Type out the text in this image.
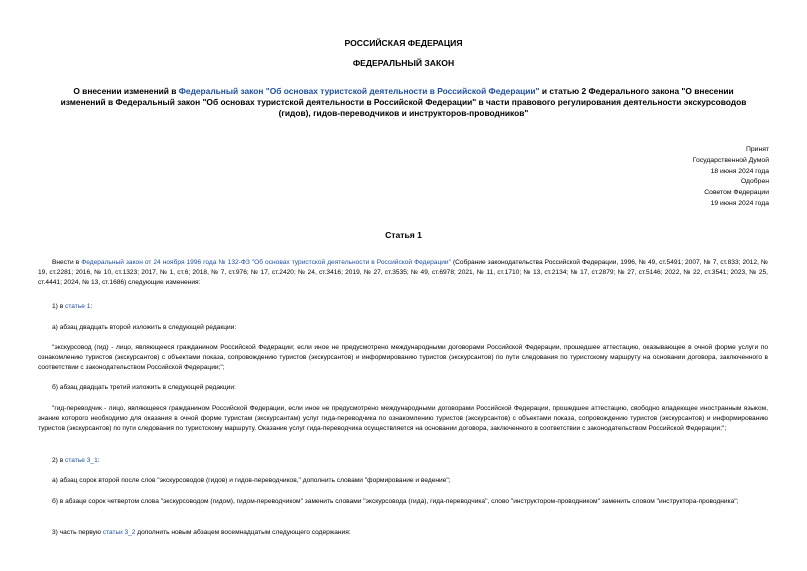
РОССИЙСКАЯ ФЕДЕРАЦИЯ
ФЕДЕРАЛЬНЫЙ ЗАКОН
О внесении изменений в Федеральный закон "Об основах туристской деятельности в Российской Федерации" и статью 2 Федерального закона "О внесении изменений в Федеральный закон "Об основах туристской деятельности в Российской Федерации" в части правового регулирования деятельности экскурсоводов (гидов), гидов-переводчиков и инструкторов-проводников"
Принят
Государственной Думой
18 июня 2024 года
Одобрен
Советом Федерации
19 июня 2024 года
Статья 1
Внести в Федеральный закон от 24 ноября 1996 года № 132-ФЗ "Об основах туристской деятельности в Российской Федерации" (Собрание законодательства Российской Федерации, 1996, № 49, ст.5491; 2007, № 7, ст.833; 2012, № 19, ст.2281; 2016, № 10, ст.1323; 2017, № 1, ст.6; 2018, № 7, ст.976; № 17, ст.2420; № 24, ст.3416; 2019, № 27, ст.3535; № 49, ст.6978; 2021, № 11, ст.1710; № 13, ст.2134; № 17, ст.2879; № 27, ст.5146; 2022, № 22, ст.3541; 2023, № 25, ст.4441; 2024, № 13, ст.1686) следующие изменения:
1) в статье 1:
а) абзац двадцать второй изложить в следующей редакции:
"экскурсовод (гид) - лицо, являющееся гражданином Российской Федерации; если иное не предусмотрено международными договорами Российской Федерации, прошедшее аттестацию, оказывающее в очной форме услуги по ознакомлению туристов (экскурсантов) с объектами показа, сопровождению туристов (экскурсантов) и информированию туристов (экскурсантов) по пути следования по туристскому маршруту на основании договора, заключенного в соответствии с законодательством Российской Федерации;";
б) абзац двадцать третий изложить в следующей редакции:
"гид-переводчик - лицо, являющееся гражданином Российской Федерации, если иное не предусмотрено международными договорами Российской Федерации, прошедшее аттестацию, свободно владеющее иностранным языком, знание которого необходимо для оказания в очной форме туристам (экскурсантам) услуг гида-переводчика по ознакомлению туристов (экскурсантов) с объектами показа, сопровождению туристов (экскурсантов) и информированию туристов (экскурсантов) по пути следования по туристскому маршруту. Оказание услуг гида-переводчика осуществляется на основании договора, заключенного в соответствии с законодательством Российской Федерации;";
2) в статье 3_1:
а) абзац сорок второй после слов "экскурсоводов (гидов) и гидов-переводчиков," дополнить словами "формирование и ведение";
б) в абзаце сорок четвертом слова "экскурсоводом (гидом), гидом-переводчиком" заменить словами "экскурсовода (гида), гида-переводчика", слово "инструктором-проводником" заменить словом "инструктора-проводника";
3) часть первую статьи 3_2 дополнить новым абзацем восемнадцатым следующего содержания:
